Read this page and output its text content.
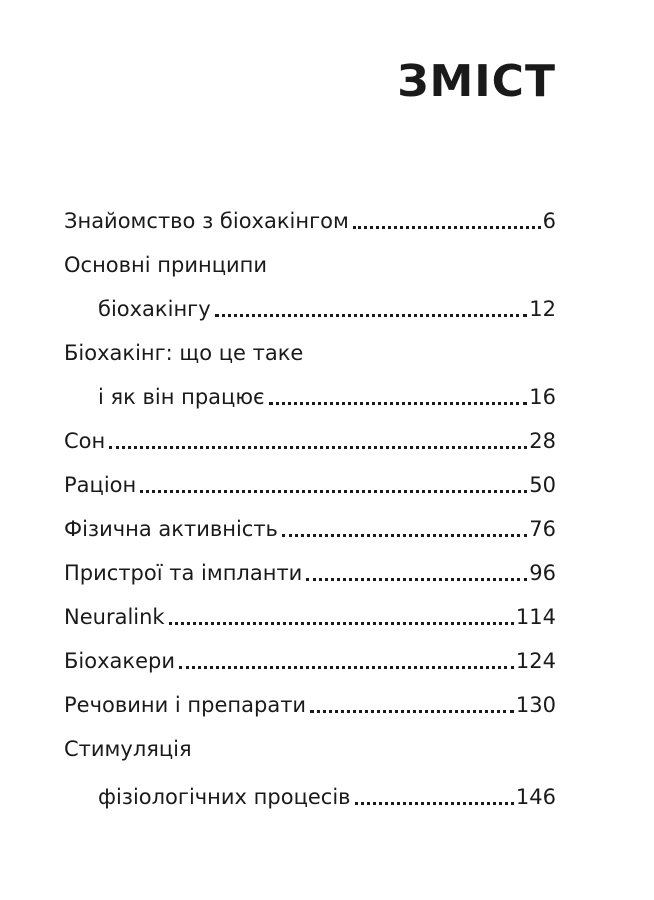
ЗМІСТ
Знайомство з біохакінгом	6
Основні принципи
біохакінгу	12
Біохакінг: що це таке
і як він працює	16
Сон	28
Раціон	50
Фізична активність	76
Пристрої та імпланти	96
Neuralink	114
Біохакери	124
Речовини і препарати	130
Стимуляція
фізіологічних процесів	146
